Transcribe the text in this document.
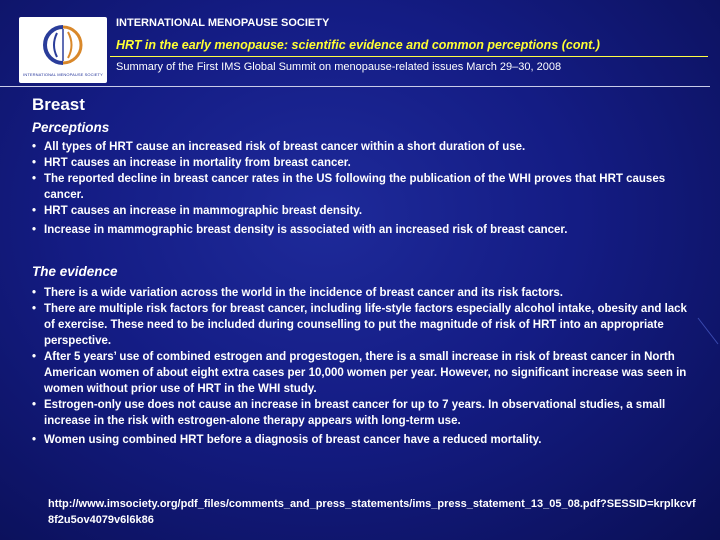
INTERNATIONAL MENOPAUSE SOCIETY
INTERNATIONAL MENOPAUSE SOCIETY
HRT in the early menopause: scientific evidence and common perceptions (cont.)
Summary of the First IMS Global Summit on menopause-related issues March 29–30, 2008
Breast
Perceptions
• All types of HRT cause an increased risk of breast cancer within a short duration of use.
• HRT causes an increase in mortality from breast cancer.
• The reported decline in breast cancer rates in the US following the publication of the WHI proves that HRT causes cancer.
• HRT causes an increase in mammographic breast density.
• Increase in mammographic breast density is associated with an increased risk of breast cancer.
The evidence
• There is a wide variation across the world in the incidence of breast cancer and its risk factors.
• There are multiple risk factors for breast cancer, including life-style factors especially alcohol intake, obesity and lack of exercise. These need to be included during counselling to put the magnitude of risk of HRT into an appropriate perspective.
• After 5 years’ use of combined estrogen and progestogen, there is a small increase in risk of breast cancer in North American women of about eight extra cases per 10,000 women per year. However, no significant increase was seen in women without prior use of HRT in the WHI study.
• Estrogen-only use does not cause an increase in breast cancer for up to 7 years. In observational studies, a small increase in the risk with estrogen-alone therapy appears with long-term use.
• Women using combined HRT before a diagnosis of breast cancer have a reduced mortality.
http://www.imsociety.org/pdf_files/comments_and_press_statements/ims_press_statement_13_05_08.pdf?SESSID=krplkcvf8f2u5ov4079v6l6k86
